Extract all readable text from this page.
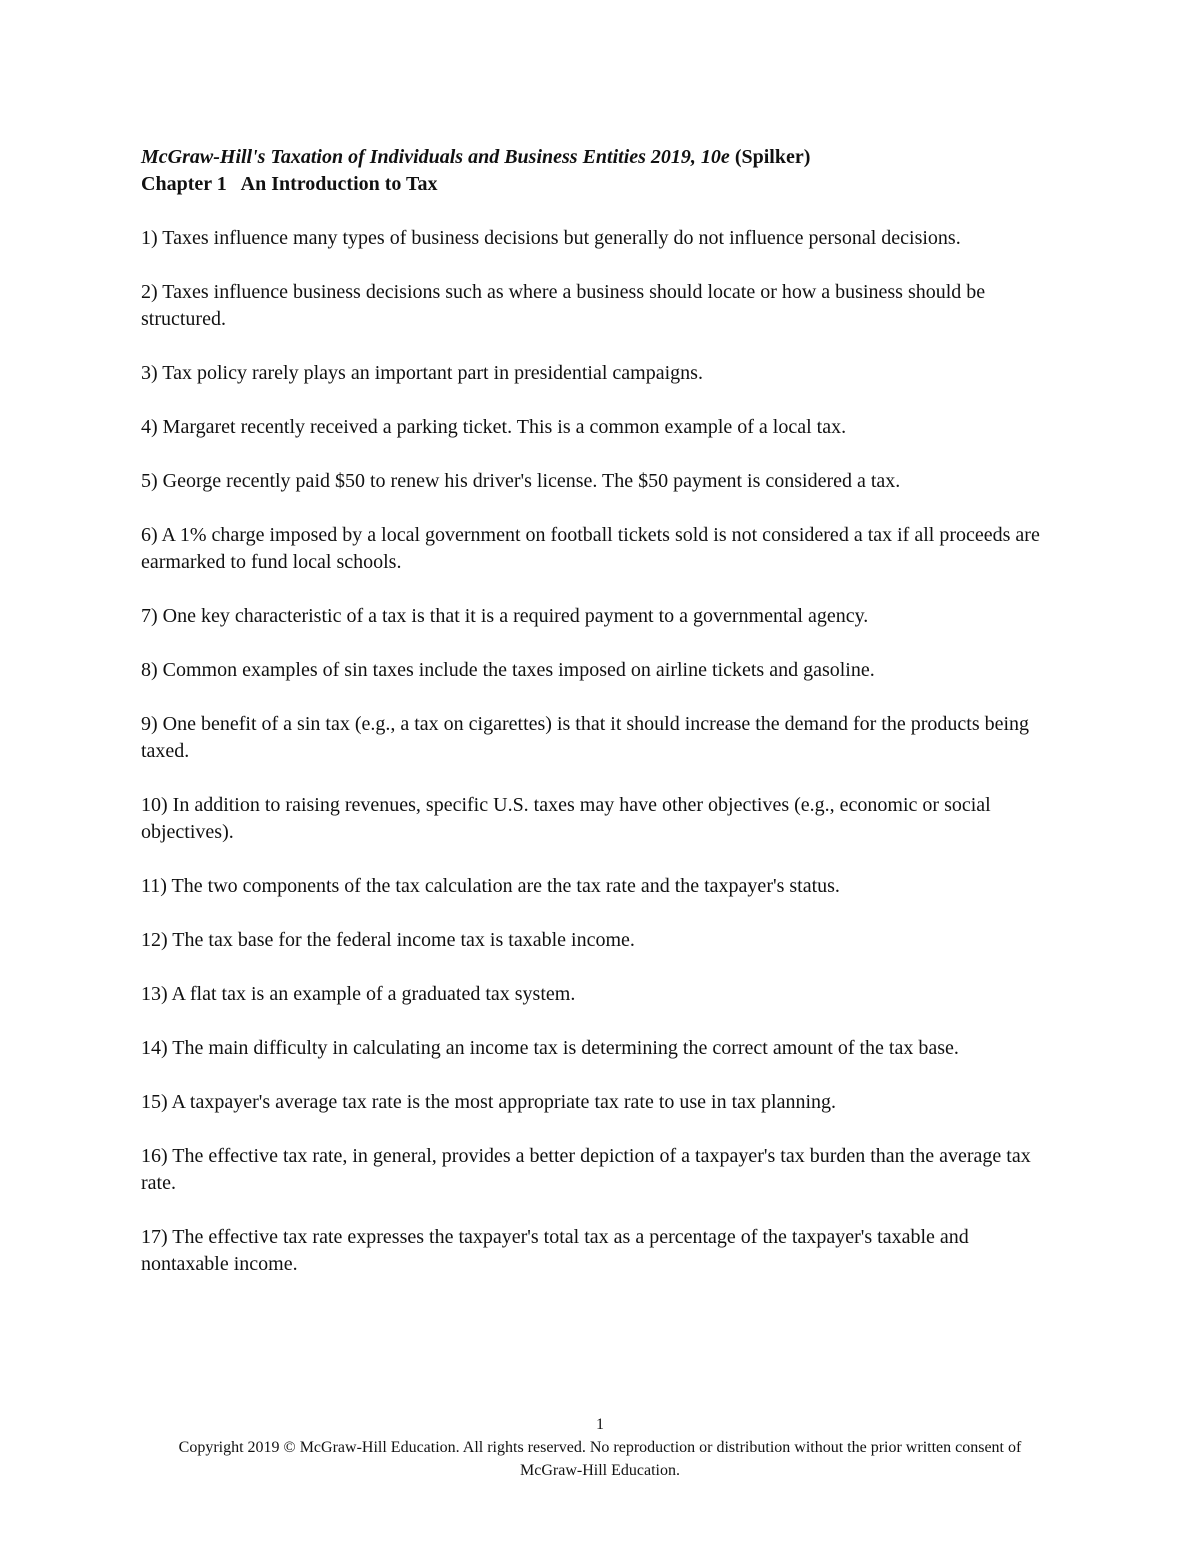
McGraw-Hill's Taxation of Individuals and Business Entities 2019, 10e (Spilker)

Chapter 1   An Introduction to Tax

1) Taxes influence many types of business decisions but generally do not influence personal decisions.
2) Taxes influence business decisions such as where a business should locate or how a business should be structured.
3) Tax policy rarely plays an important part in presidential campaigns.
4) Margaret recently received a parking ticket. This is a common example of a local tax.
5) George recently paid $50 to renew his driver's license. The $50 payment is considered a tax.
6) A 1% charge imposed by a local government on football tickets sold is not considered a tax if all proceeds are earmarked to fund local schools.
7) One key characteristic of a tax is that it is a required payment to a governmental agency.
8) Common examples of sin taxes include the taxes imposed on airline tickets and gasoline.
9) One benefit of a sin tax (e.g., a tax on cigarettes) is that it should increase the demand for the products being taxed.
10) In addition to raising revenues, specific U.S. taxes may have other objectives (e.g., economic or social objectives).
11) The two components of the tax calculation are the tax rate and the taxpayer's status.
12) The tax base for the federal income tax is taxable income.
13) A flat tax is an example of a graduated tax system.
14) The main difficulty in calculating an income tax is determining the correct amount of the tax base.
15) A taxpayer's average tax rate is the most appropriate tax rate to use in tax planning.
16) The effective tax rate, in general, provides a better depiction of a taxpayer's tax burden than the average tax rate.
17) The effective tax rate expresses the taxpayer's total tax as a percentage of the taxpayer's taxable and nontaxable income.
1
Copyright 2019 © McGraw-Hill Education. All rights reserved. No reproduction or distribution without the prior written consent of McGraw-Hill Education.
